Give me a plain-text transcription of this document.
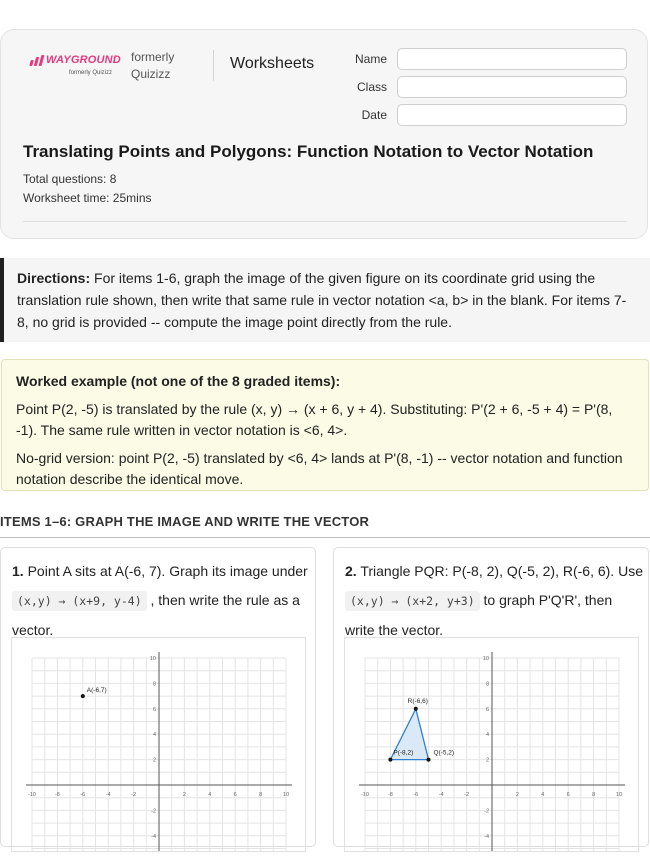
WAYGROUND
formerly Quizizz
formerly
Quizizz
Worksheets	Name
Class
Date
Translating Points and Polygons: Function Notation to Vector Notation
Total questions: 8
Worksheet time: 25mins
Directions: For items 1-6, graph the image of the given figure on its coordinate grid using the translation rule shown, then write that same rule in vector notation <a, b> in the blank. For items 7-8, no grid is provided -- compute the image point directly from the rule.

Worked example (not one of the 8 graded items):

Point P(2, -5) is translated by the rule (x, y) → (x + 6, y + 4). Substituting: P'(2 + 6, -5 + 4) = P'(8, -1). The same rule written in vector notation is <6, 4>.

No-grid version: point P(2, -5) translated by <6, 4> lands at P'(8, -1) -- vector notation and function notation describe the identical move.

ITEMS 1–6: GRAPH THE IMAGE AND WRITE THE VECTOR
1. Point A sits at A(-6, 7). Graph its image under (x,y) → (x+9, y-4) , then write the rule as a vector.
-10	-8	-6	-4	-2	2	4	6	8	10
10
8
6
4
2
-2
-4
A(-6,7)
2. Triangle PQR: P(-8, 2), Q(-5, 2), R(-6, 6). Use (x,y) → (x+2, y+3) to graph P'Q'R', then write the vector.
-10	-8	-6	-4	-2	2	4	6	8	10
10
8
6
4
2
-2
-4
P(-8,2)	Q(-5,2)
R(-6,6)
